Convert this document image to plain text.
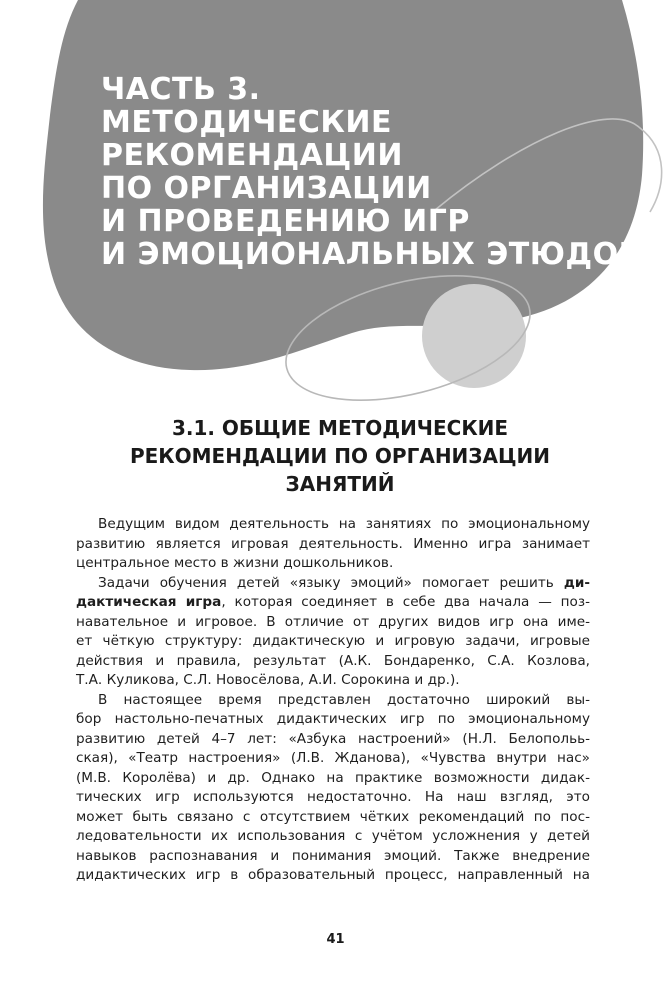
ЧАСТЬ 3.
МЕТОДИЧЕСКИЕ
РЕКОМЕНДАЦИИ
ПО ОРГАНИЗАЦИИ
И ПРОВЕДЕНИЮ ИГР
И ЭМОЦИОНАЛЬНЫХ ЭТЮДОВ
3.1. ОБЩИЕ МЕТОДИЧЕСКИЕ
РЕКОМЕНДАЦИИ ПО ОРГАНИЗАЦИИ
ЗАНЯТИЙ
Ведущим видом деятельность на занятиях по эмоциональному
развитию является игровая деятельность. Именно игра занимает
центральное место в жизни дошкольников.
Задачи обучения детей «языку эмоций» помогает решить ди-
дактическая игра, которая соединяет в себе два начала — поз-
навательное и игровое. В отличие от других видов игр она име-
ет чёткую структуру: дидактическую и игровую задачи, игровые
действия и правила, результат (А.К. Бондаренко, С.А. Козлова,
Т.А. Куликова, С.Л. Новосёлова, А.И. Сорокина и др.).
В настоящее время представлен достаточно широкий вы-
бор настольно-печатных дидактических игр по эмоциональному
развитию детей 4–7 лет: «Азбука настроений» (Н.Л. Белопольь-
ская), «Театр настроения» (Л.В. Жданова), «Чувства внутри нас»
(М.В. Королёва) и др. Однако на практике возможности дидак-
тических игр используются недостаточно. На наш взгляд, это
может быть связано с отсутствием чётких рекомендаций по пос-
ледовательности их использования с учётом усложнения у детей
навыков распознавания и понимания эмоций. Также внедрение
дидактических игр в образовательный процесс, направленный на
41
